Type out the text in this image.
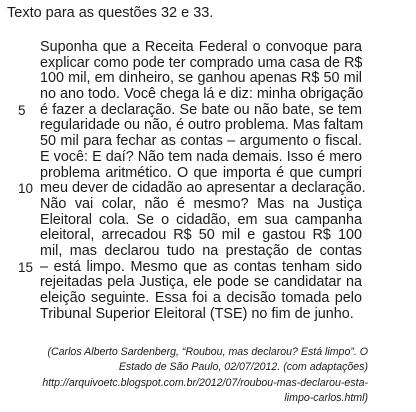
Texto para as questões 32 e 33.
Suponha que a Receita Federal o convoque para
explicar como pode ter comprado uma casa de R$
100 mil, em dinheiro, se ganhou apenas R$ 50 mil
no ano todo. Você chega lá e diz: minha obrigação
5	é fazer a declaração. Se bate ou não bate, se tem
regularidade ou não, é outro problema. Mas faltam
50 mil para fechar as contas – argumento o fiscal.
E você: E daí? Não tem nada demais. Isso é mero
problema aritmético. O que importa é que cumpri
10 meu dever de cidadão ao apresentar a declaração.
Não vai colar, não é mesmo? Mas na Justiça
Eleitoral cola. Se o cidadão, em sua campanha
eleitoral, arrecadou R$ 50 mil e gastou R$ 100
mil, mas declarou tudo na prestação de contas
15 – está limpo. Mesmo que as contas tenham sido
rejeitadas pela Justiça, ele pode se candidatar na
eleição seguinte. Essa foi a decisão tomada pelo
Tribunal Superior Eleitoral (TSE) no fim de junho.
(Carlos Alberto Sardenberg, “Roubou, mas declarou? Está limpo”. O
Estado de São Paulo, 02/07/2012. (com adaptações)
http://arquivoetc.blogspot.com.br/2012/07/roubou-mas-declarou-esta-
limpo-carlos.html)
